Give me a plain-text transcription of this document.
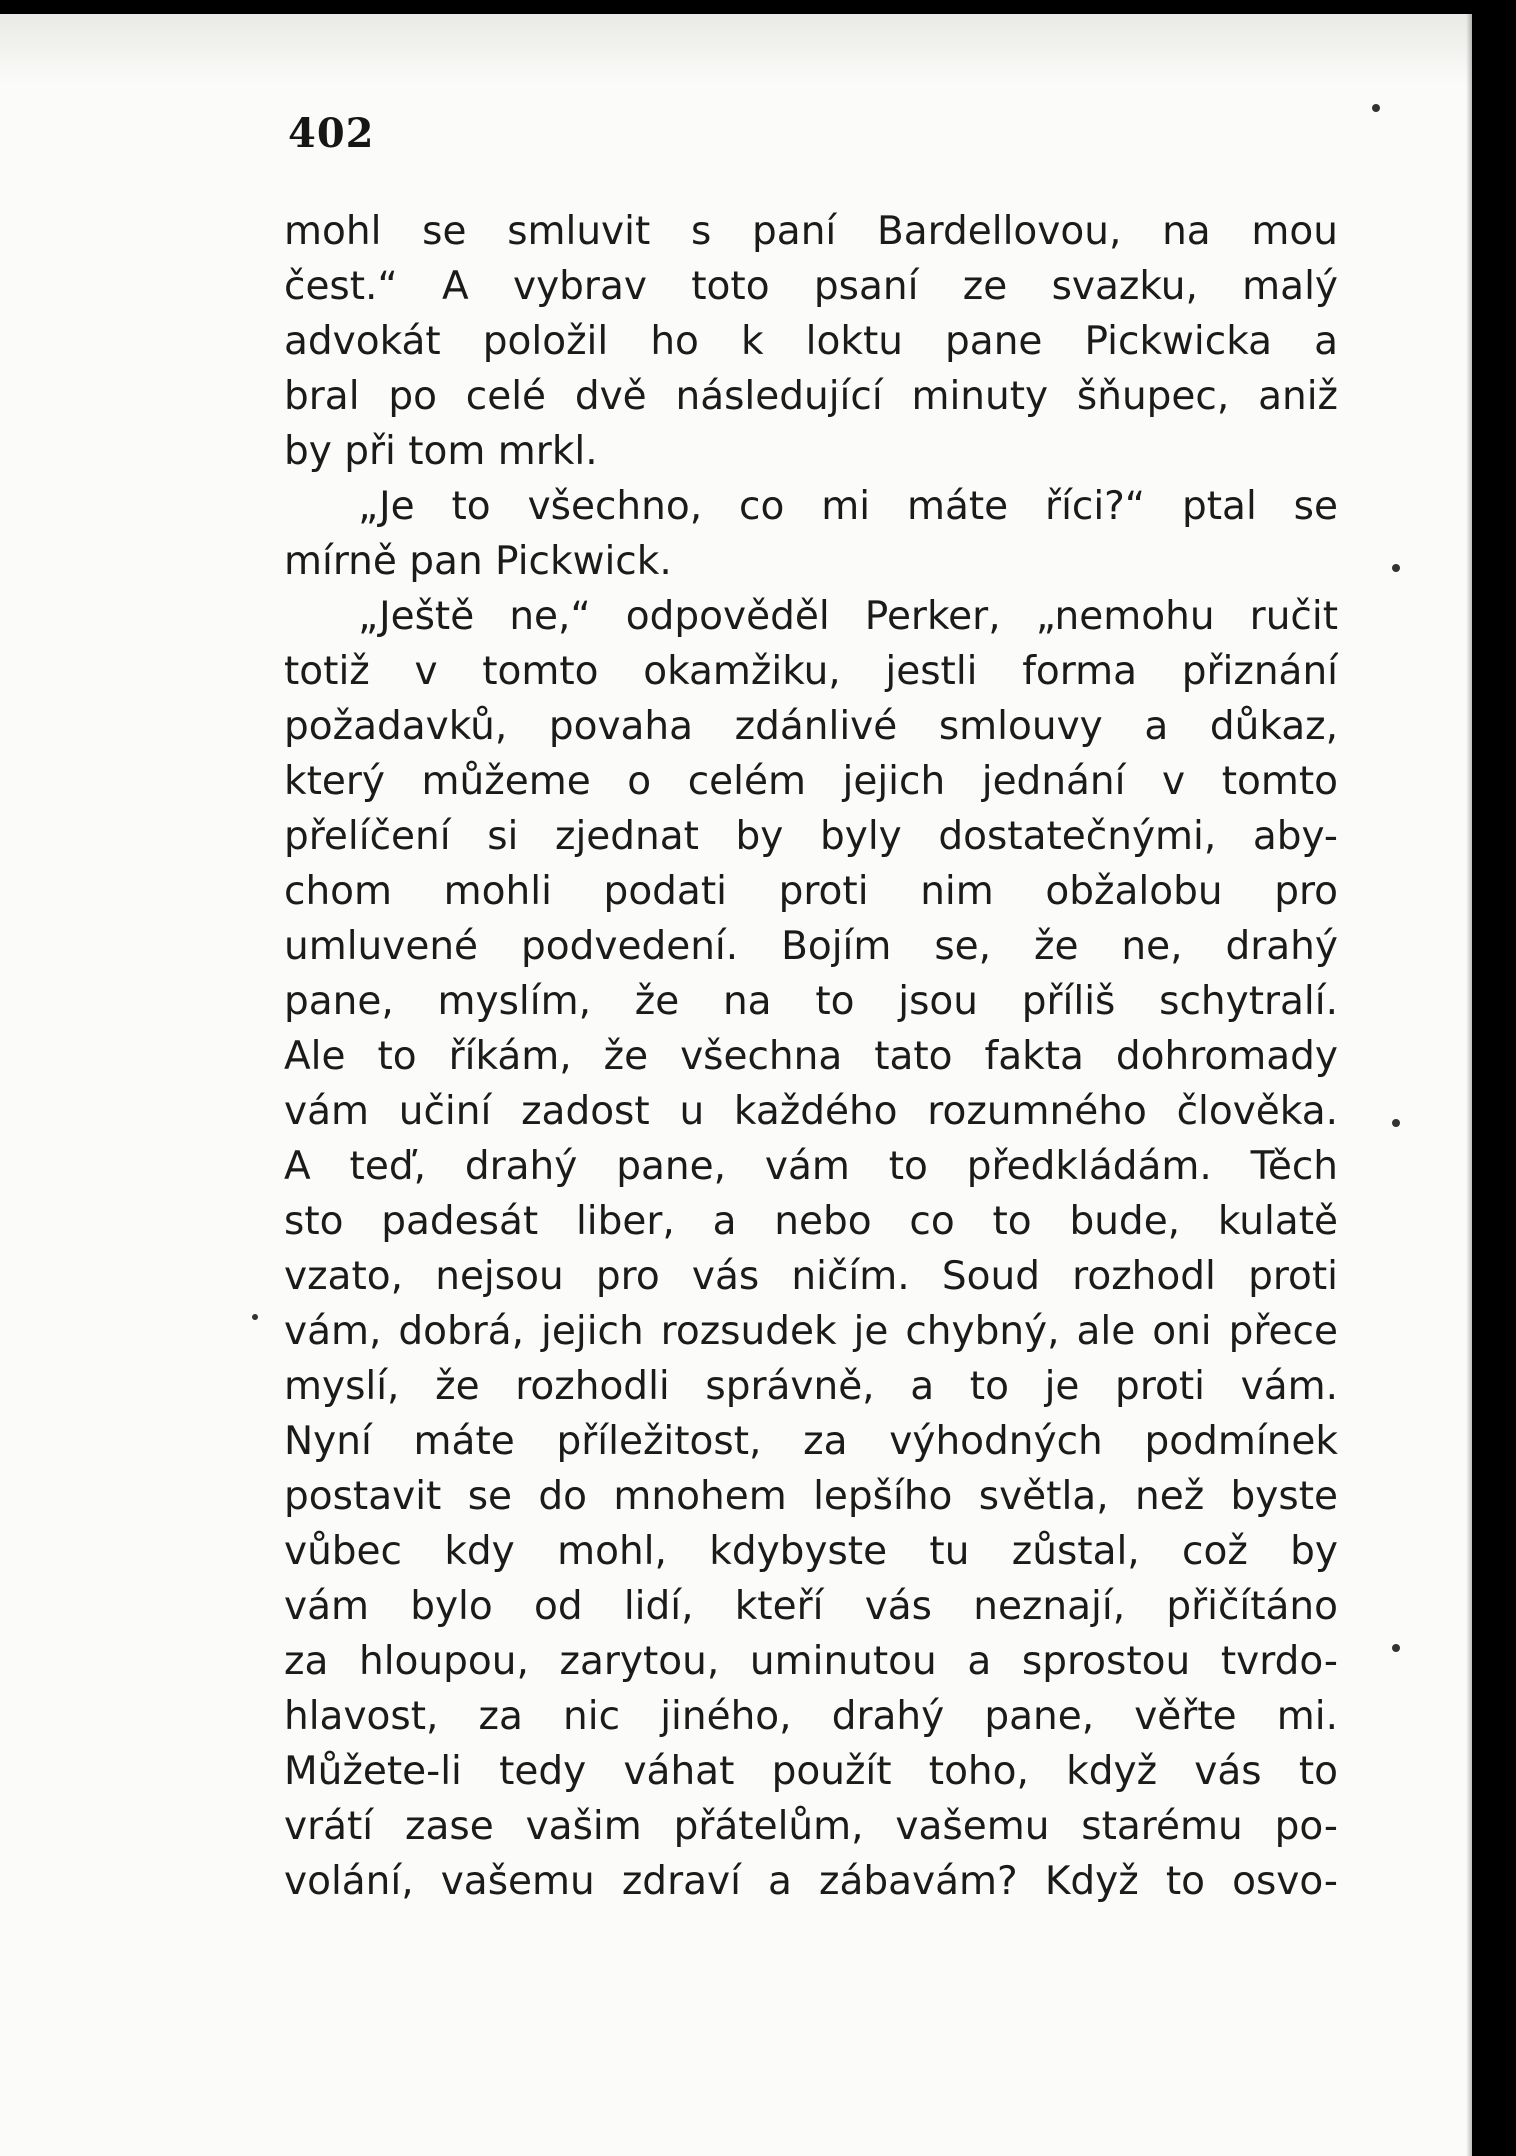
402
mohl se smluvit s paní Bardellovou, na mou
čest.“ A vybrav toto psaní ze svazku, malý
advokát položil ho k loktu pane Pickwicka a
bral po celé dvě následující minuty šňupec, aniž
by při tom mrkl.
„Je to všechno, co mi máte říci?“ ptal se
mírně pan Pickwick.
„Ještě ne,“ odpověděl Perker, „nemohu ručit
totiž v tomto okamžiku, jestli forma přiznání
požadavků, povaha zdánlivé smlouvy a důkaz,
který můžeme o celém jejich jednání v tomto
přelíčení si zjednat by byly dostatečnými, aby-
chom mohli podati proti nim obžalobu pro
umluvené podvedení. Bojím se, že ne, drahý
pane, myslím, že na to jsou příliš schytralí.
Ale to říkám, že všechna tato fakta dohromady
vám učiní zadost u každého rozumného člověka.
A teď, drahý pane, vám to předkládám. Těch
sto padesát liber, a nebo co to bude, kulatě
vzato, nejsou pro vás ničím. Soud rozhodl proti
vám, dobrá, jejich rozsudek je chybný, ale oni přece
myslí, že rozhodli správně, a to je proti vám.
Nyní máte příležitost, za výhodných podmínek
postavit se do mnohem lepšího světla, než byste
vůbec kdy mohl, kdybyste tu zůstal, což by
vám bylo od lidí, kteří vás neznají, přičítáno
za hloupou, zarytou, uminutou a sprostou tvrdo-
hlavost, za nic jiného, drahý pane, věřte mi.
Můžete-li tedy váhat použít toho, když vás to
vrátí zase vašim přátelům, vašemu starému po-
volání, vašemu zdraví a zábavám? Když to osvo-
